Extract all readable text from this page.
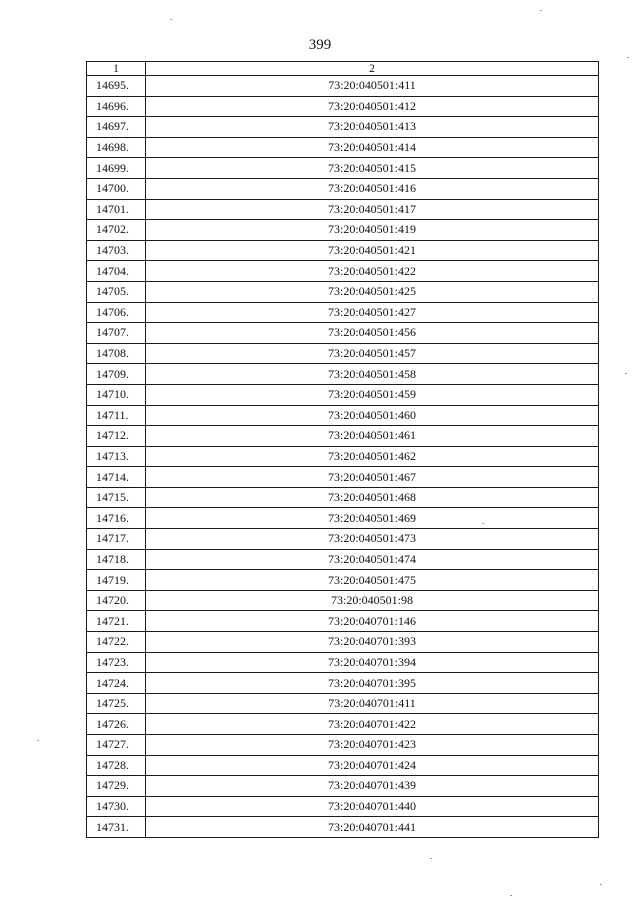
399
1	2
14695.	73:20:040501:411
14696.	73:20:040501:412
14697.	73:20:040501:413
14698.	73:20:040501:414
14699.	73:20:040501:415
14700.	73:20:040501:416
14701.	73:20:040501:417
14702.	73:20:040501:419
14703.	73:20:040501:421
14704.	73:20:040501:422
14705.	73:20:040501:425
14706.	73:20:040501:427
14707.	73:20:040501:456
14708.	73:20:040501:457
14709.	73:20:040501:458
14710.	73:20:040501:459
14711.	73:20:040501:460
14712.	73:20:040501:461
14713.	73:20:040501:462
14714.	73:20:040501:467
14715.	73:20:040501:468
14716.	73:20:040501:469
14717.	73:20:040501:473
14718.	73:20:040501:474
14719.	73:20:040501:475
14720.	73:20:040501:98
14721.	73:20:040701:146
14722.	73:20:040701:393
14723.	73:20:040701:394
14724.	73:20:040701:395
14725.	73:20:040701:411
14726.	73:20:040701:422
14727.	73:20:040701:423
14728.	73:20:040701:424
14729.	73:20:040701:439
14730.	73:20:040701:440
14731.	73:20:040701:441
